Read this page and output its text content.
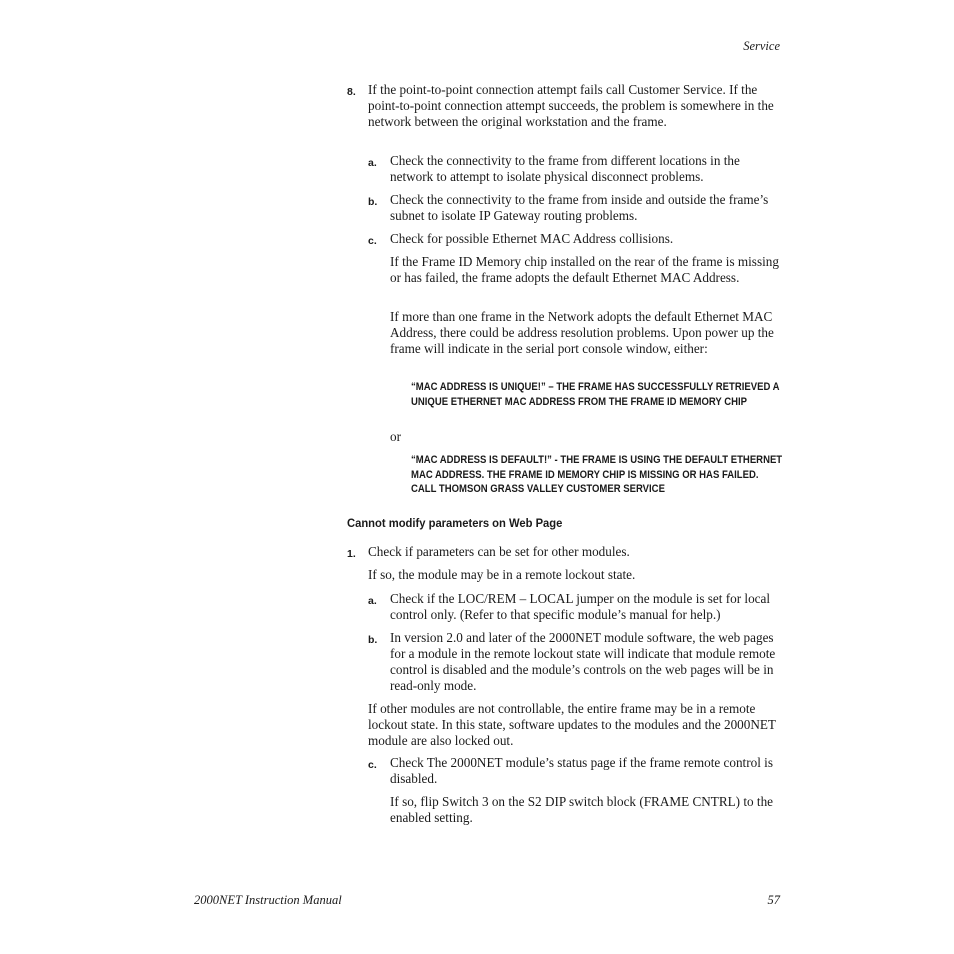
Service
8. If the point-to-point connection attempt fails call Customer Service. If the point-to-point connection attempt succeeds, the problem is somewhere in the network between the original workstation and the frame.
a. Check the connectivity to the frame from different locations in the network to attempt to isolate physical disconnect problems.
b. Check the connectivity to the frame from inside and outside the frame’s subnet to isolate IP Gateway routing problems.
c. Check for possible Ethernet MAC Address collisions.
If the Frame ID Memory chip installed on the rear of the frame is missing or has failed, the frame adopts the default Ethernet MAC Address.
If more than one frame in the Network adopts the default Ethernet MAC Address, there could be address resolution problems. Upon power up the frame will indicate in the serial port console window, either:
“MAC ADDRESS IS UNIQUE!” – THE FRAME HAS SUCCESSFULLY RETRIEVED A UNIQUE ETHERNET MAC ADDRESS FROM THE FRAME ID MEMORY CHIP
or
“MAC ADDRESS IS DEFAULT!” - THE FRAME IS USING THE DEFAULT ETHERNET MAC ADDRESS. THE FRAME ID MEMORY CHIP IS MISSING OR HAS FAILED. CALL THOMSON GRASS VALLEY CUSTOMER SERVICE
Cannot modify parameters on Web Page
1. Check if parameters can be set for other modules.
If so, the module may be in a remote lockout state.
a. Check if the LOC/REM – LOCAL jumper on the module is set for local control only. (Refer to that specific module’s manual for help.)
b. In version 2.0 and later of the 2000NET module software, the web pages for a module in the remote lockout state will indicate that module remote control is disabled and the module’s controls on the web pages will be in read-only mode.
If other modules are not controllable, the entire frame may be in a remote lockout state. In this state, software updates to the modules and the 2000NET module are also locked out.
c. Check The 2000NET module’s status page if the frame remote control is disabled.
If so, flip Switch 3 on the S2 DIP switch block (FRAME CNTRL) to the enabled setting.
2000NET Instruction Manual	57
